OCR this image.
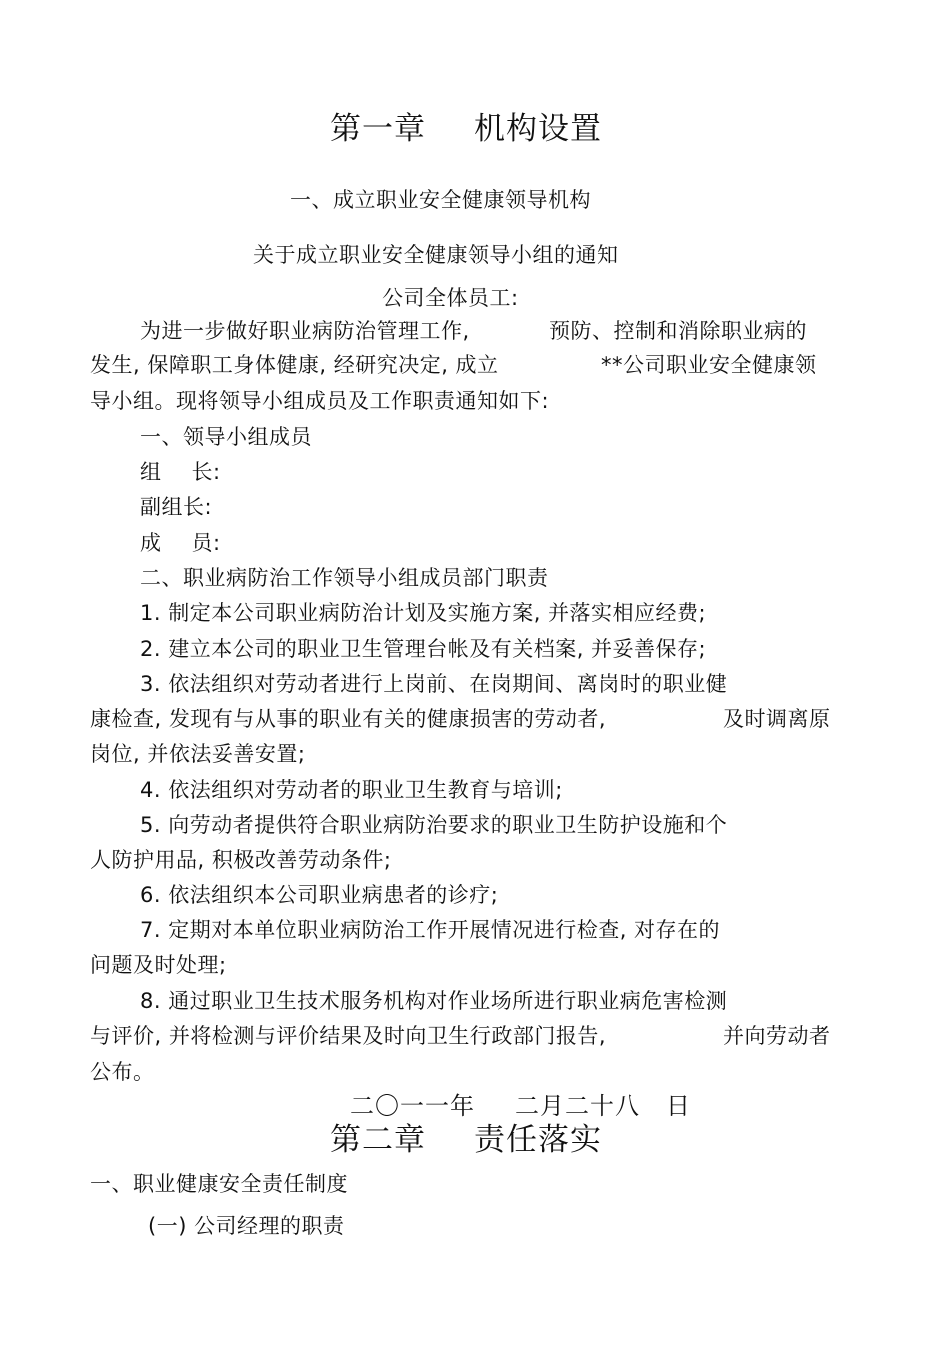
第一章 机构设置
一、成立职业安全健康领导机构
关于成立职业安全健康领导小组的通知
公司全体员工:
为进一步做好职业病防治管理工作,	预防、控制和消除职业病的
发生, 保障职工身体健康, 经研究决定, 成立	**公司职业安全健康领
导小组。现将领导小组成员及工作职责通知如下:
一、领导小组成员
组 长:
副组长:
成 员:
二、职业病防治工作领导小组成员部门职责
1. 制定本公司职业病防治计划及实施方案, 并落实相应经费;
2. 建立本公司的职业卫生管理台帐及有关档案, 并妥善保存;
3. 依法组织对劳动者进行上岗前、在岗期间、离岗时的职业健
康检查, 发现有与从事的职业有关的健康损害的劳动者,	及时调离原
岗位, 并依法妥善安置;
4. 依法组织对劳动者的职业卫生教育与培训;
5. 向劳动者提供符合职业病防治要求的职业卫生防护设施和个
人防护用品, 积极改善劳动条件;
6. 依法组织本公司职业病患者的诊疗;
7. 定期对本单位职业病防治工作开展情况进行检查, 对存在的
问题及时处理;
8. 通过职业卫生技术服务机构对作业场所进行职业病危害检测
与评价, 并将检测与评价结果及时向卫生行政部门报告,	并向劳动者
公布。
二〇一一年 二月二十八 日
第二章 责任落实
一、职业健康安全责任制度
(一) 公司经理的职责
